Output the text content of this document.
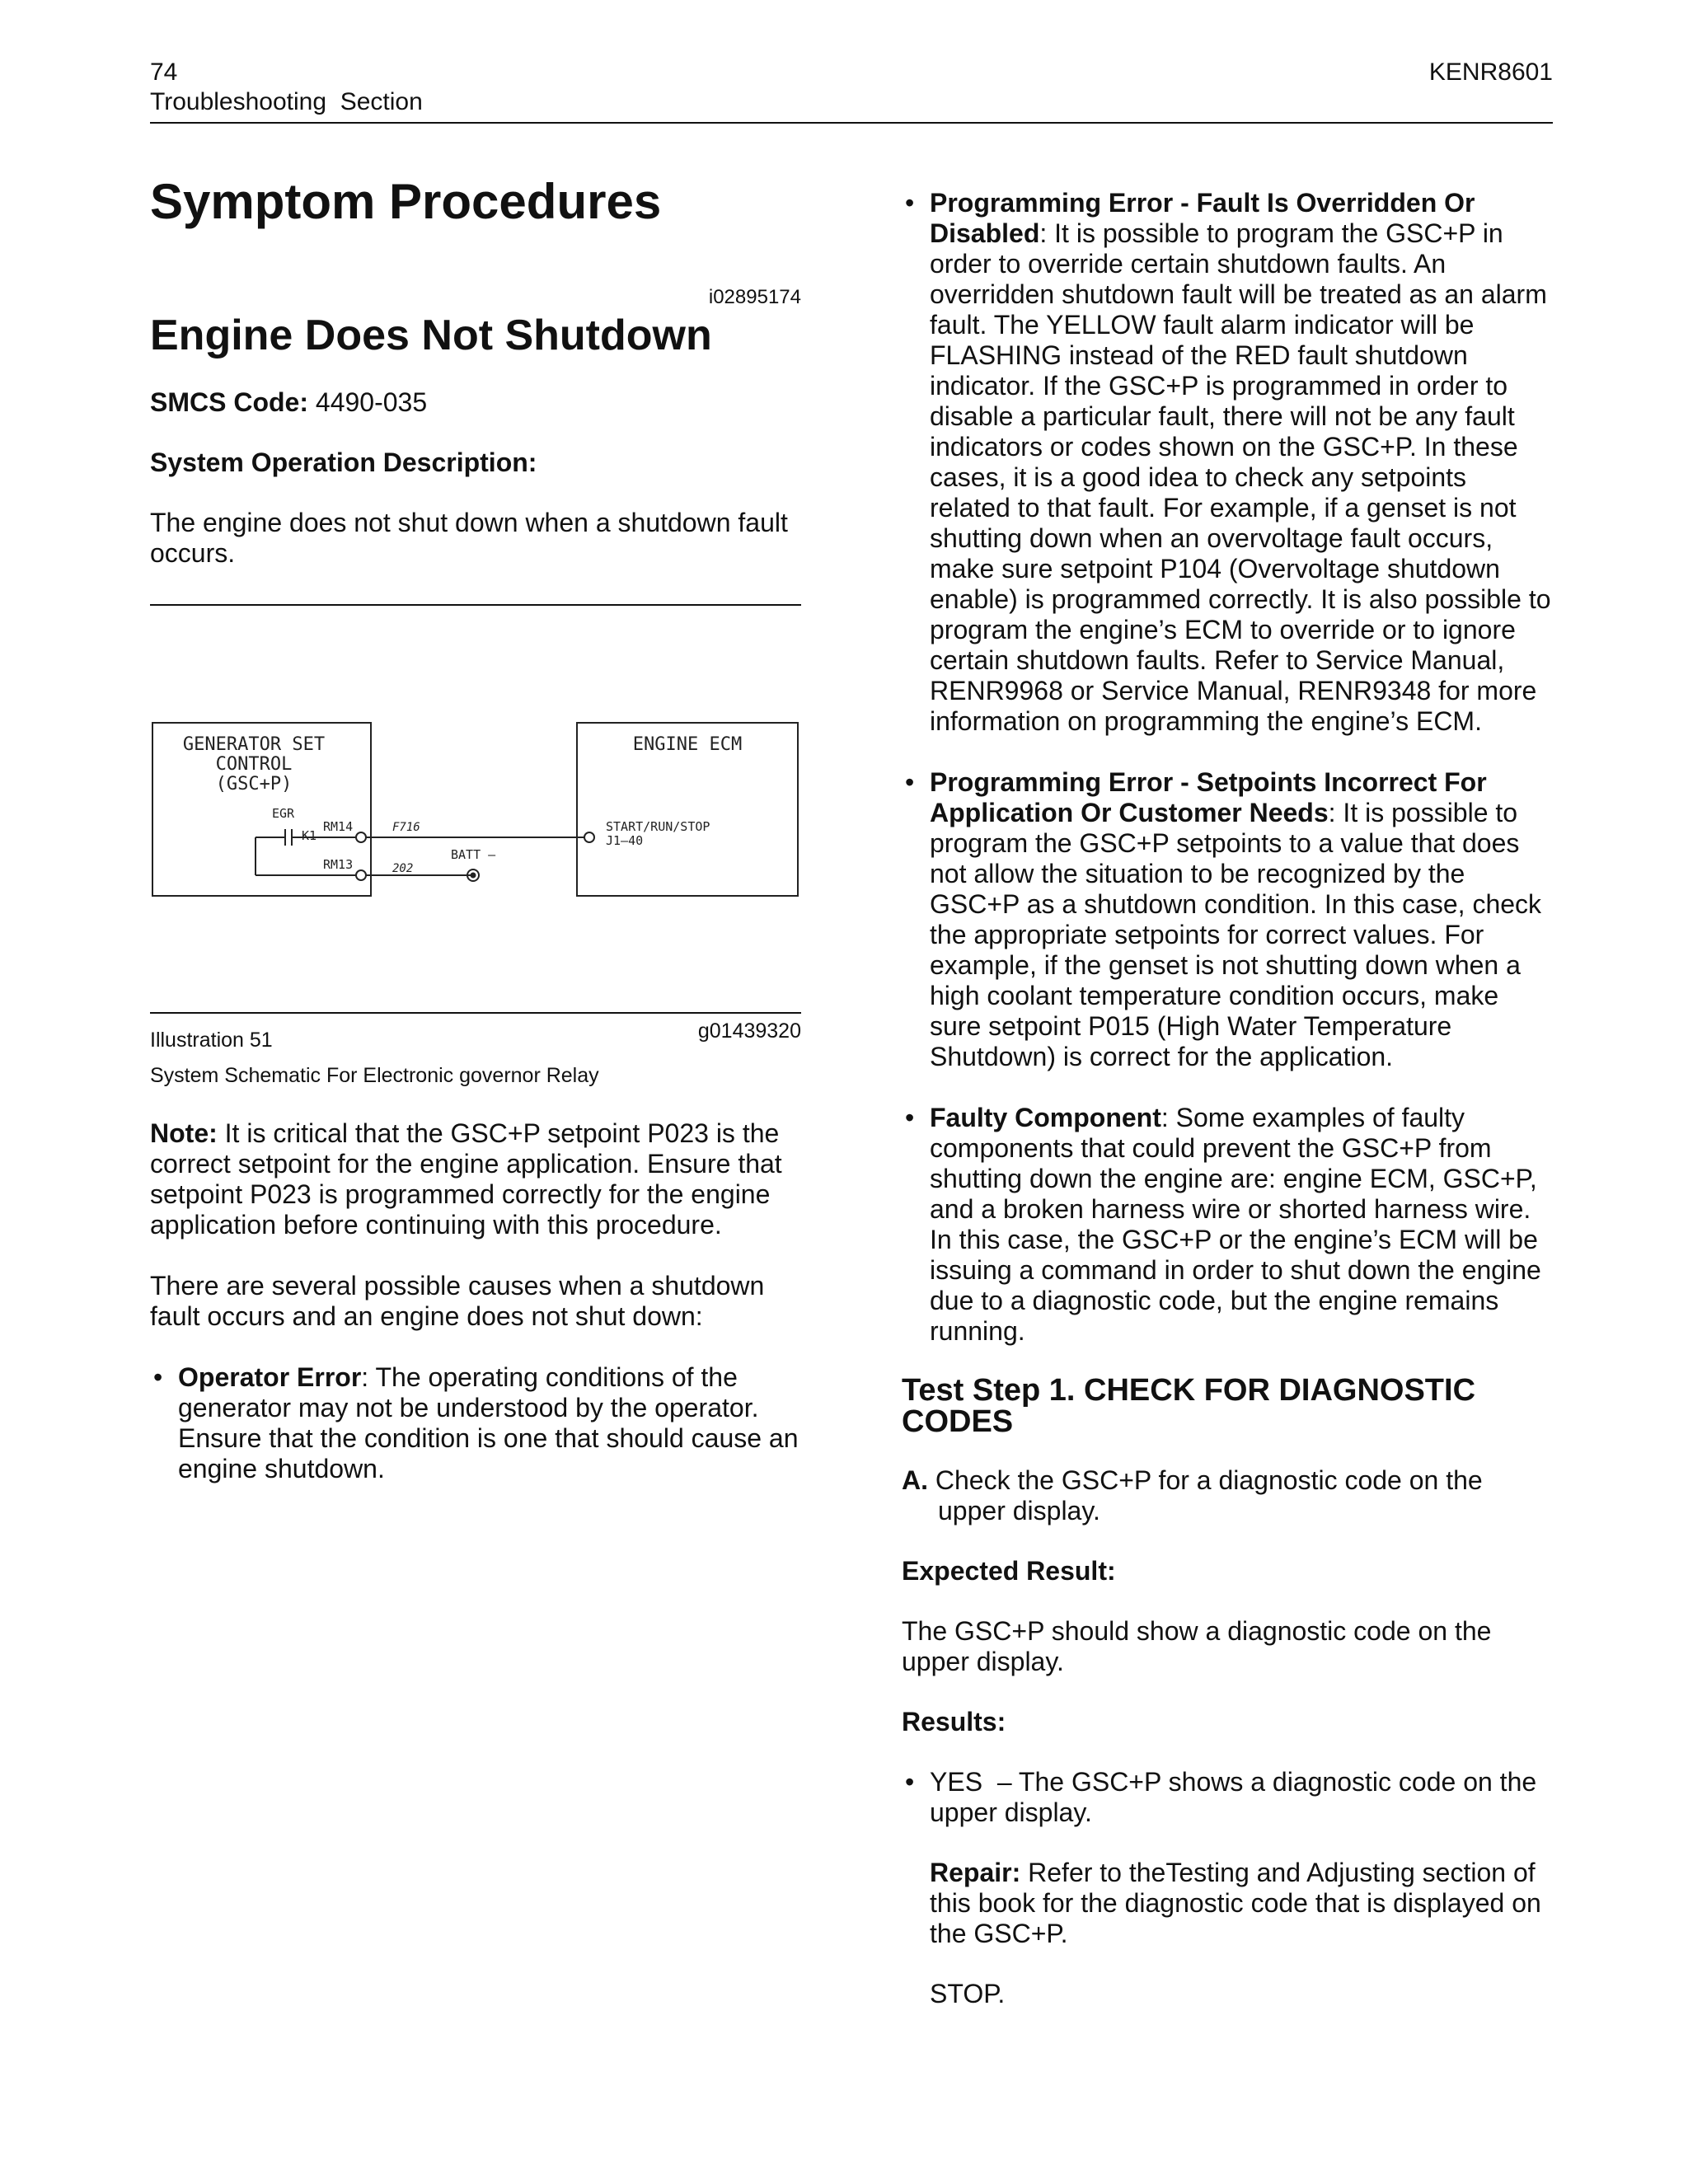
74
Troubleshooting  Section
KENR8601
Symptom Procedures
i02895174
Engine Does Not Shutdown

SMCS Code: 4490-035

System Operation Description:

The engine does not shut down when a shutdown fault occurs.

GENERATOR SET
CONTROL
(GSC+P)
ENGINE ECM
EGR
K1
RM14
RM13
F716
202
BATT –
START/RUN/STOP
J1–40
Illustration 51	g01439320
System Schematic For Electronic governor Relay

Note: It is critical that the GSC+P setpoint P023 is the correct setpoint for the engine application. Ensure that setpoint P023 is programmed correctly for the engine application before continuing with this procedure.

There are several possible causes when a shutdown fault occurs and an engine does not shut down:

• Operator Error: The operating conditions of the generator may not be understood by the operator. Ensure that the condition is one that should cause an engine shutdown.
• Programming Error - Fault Is Overridden Or Disabled: It is possible to program the GSC+P in order to override certain shutdown faults. An overridden shutdown fault will be treated as an alarm fault. The YELLOW fault alarm indicator will be FLASHING instead of the RED fault shutdown indicator. If the GSC+P is programmed in order to disable a particular fault, there will not be any fault indicators or codes shown on the GSC+P. In these cases, it is a good idea to check any setpoints related to that fault. For example, if a genset is not shutting down when an overvoltage fault occurs, make sure setpoint P104 (Overvoltage shutdown enable) is programmed correctly. It is also possible to program the engine’s ECM to override or to ignore certain shutdown faults. Refer to Service Manual, RENR9968 or Service Manual, RENR9348 for more information on programming the engine’s ECM.
• Programming Error - Setpoints Incorrect For Application Or Customer Needs: It is possible to program the GSC+P setpoints to a value that does not allow the situation to be recognized by the GSC+P as a shutdown condition. In this case, check the appropriate setpoints for correct values. For example, if the genset is not shutting down when a high coolant temperature condition occurs, make sure setpoint P015 (High Water Temperature Shutdown) is correct for the application.
• Faulty Component: Some examples of faulty components that could prevent the GSC+P from shutting down the engine are: engine ECM, GSC+P, and a broken harness wire or shorted harness wire. In this case, the GSC+P or the engine’s ECM will be issuing a command in order to shut down the engine due to a diagnostic code, but the engine remains running.
Test Step 1. CHECK FOR DIAGNOSTIC CODES

A. Check the GSC+P for a diagnostic code on the upper display.

Expected Result:

The GSC+P should show a diagnostic code on the upper display.

Results:

• YES  – The GSC+P shows a diagnostic code on the upper display.

Repair: Refer to theTesting and Adjusting section of this book for the diagnostic code that is displayed on the GSC+P.

STOP.
